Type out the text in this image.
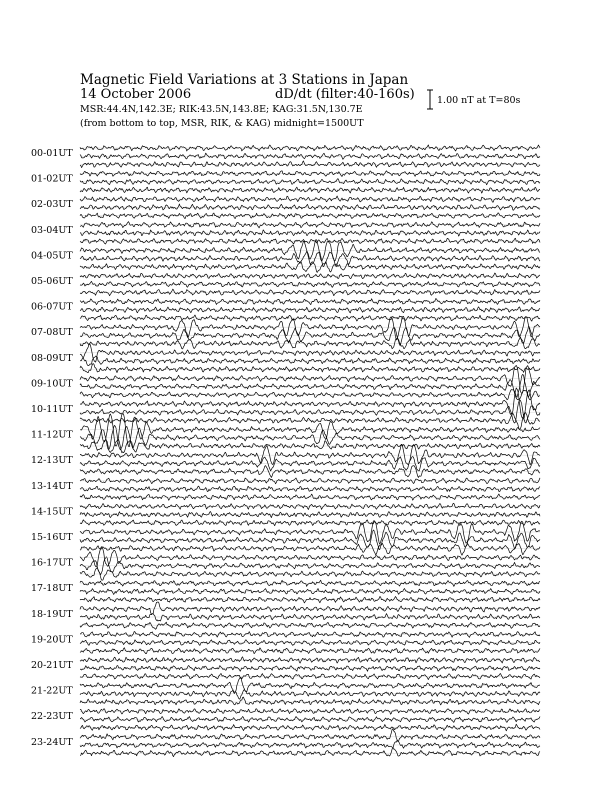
00-01UT
01-02UT
02-03UT
03-04UT
04-05UT
05-06UT
06-07UT
07-08UT
08-09UT
09-10UT
10-11UT
11-12UT
12-13UT
13-14UT
14-15UT
15-16UT
16-17UT
17-18UT
18-19UT
19-20UT
20-21UT
21-22UT
22-23UT
23-24UT
Magnetic Field Variations at 3 Stations in Japan
14 October 2006	dD/dt (filter:40-160s)
MSR:44.4N,142.3E; RIK:43.5N,143.8E; KAG:31.5N,130.7E
(from bottom to top, MSR, RIK, & KAG) midnight=1500UT
1.00 nT at T=80s
